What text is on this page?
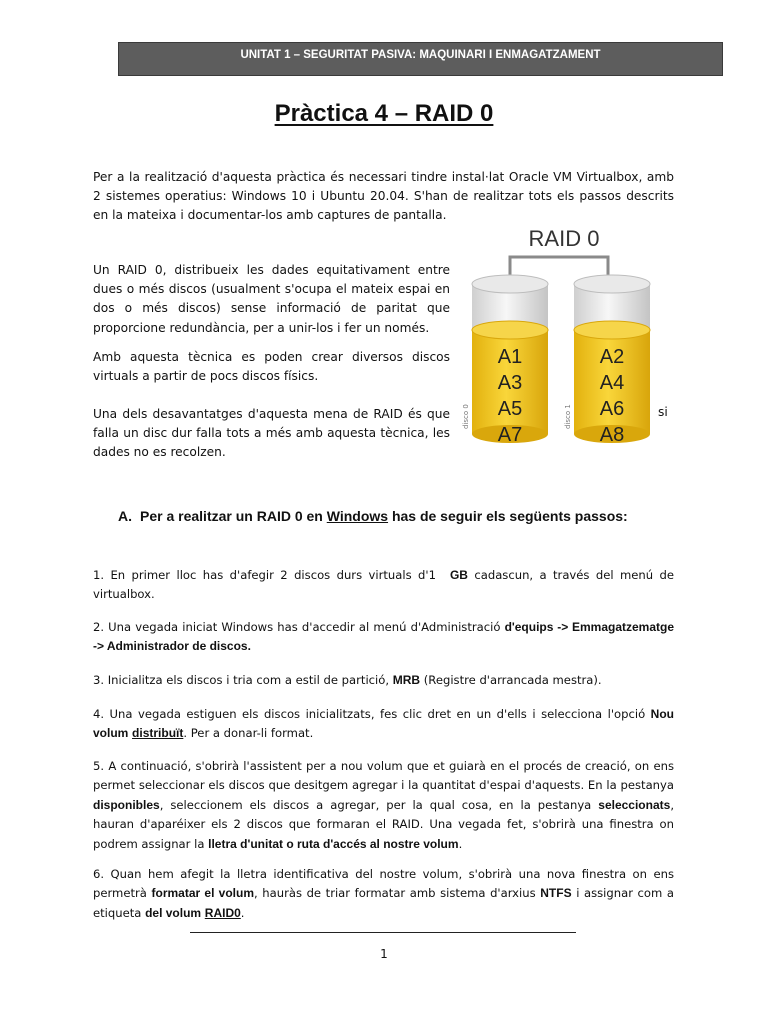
UNITAT 1 – SEGURITAT PASIVA: MAQUINARI I ENMAGATZAMENT
Pràctica 4 – RAID 0

Per a la realització d'aquesta pràctica és necessari tindre instal·lat Oracle VM Virtualbox, amb 2 sistemes operatius: Windows 10 i Ubuntu 20.04. S'han de realitzar tots els passos descrits en la mateixa i documentar-los amb captures de pantalla.

Un RAID 0, distribueix les dades equitativament entre dues o més discos (usualment s'ocupa el mateix espai en dos o més discos) sense informació de paritat que proporcione redundància, per a unir-los i fer un només.

Amb aquesta tècnica es poden crear diversos discos virtuals a partir de pocs discos físics.

Una dels desavantatges d'aquesta mena de RAID és que falla un disc dur falla tots a més amb aquesta tècnica, les dades no es recolzen.

si
RAID 0
disco 0
A1
A3
A5
A7
disco 1
A2
A4
A6
A8
A. Per a realitzar un RAID 0 en Windows has de seguir els següents passos:

1. En primer lloc has d'afegir 2 discos durs virtuals d'1 GB cadascun, a través del menú de virtualbox.

2. Una vegada iniciat Windows has d'accedir al menú d'Administració d'equips -> Emmagatzematge -> Administrador de discos.

3. Inicialitza els discos i tria com a estil de partició, MRB (Registre d'arrancada mestra).

4. Una vegada estiguen els discos inicialitzats, fes clic dret en un d'ells i selecciona l'opció Nou volum distribuït. Per a donar-li format.

5. A continuació, s'obrirà l'assistent per a nou volum que et guiarà en el procés de creació, on ens permet seleccionar els discos que desitgem agregar i la quantitat d'espai d'aquests. En la pestanya disponibles, seleccionem els discos a agregar, per la qual cosa, en la pestanya seleccionats, hauran d'aparéixer els 2 discos que formaran el RAID. Una vegada fet, s'obrirà una finestra on podrem assignar la lletra d'unitat o ruta d'accés al nostre volum.

6. Quan hem afegit la lletra identificativa del nostre volum, s'obrirà una nova finestra on ens permetrà formatar el volum, hauràs de triar formatar amb sistema d'arxius NTFS i assignar com a etiqueta del volum RAID0.

1
